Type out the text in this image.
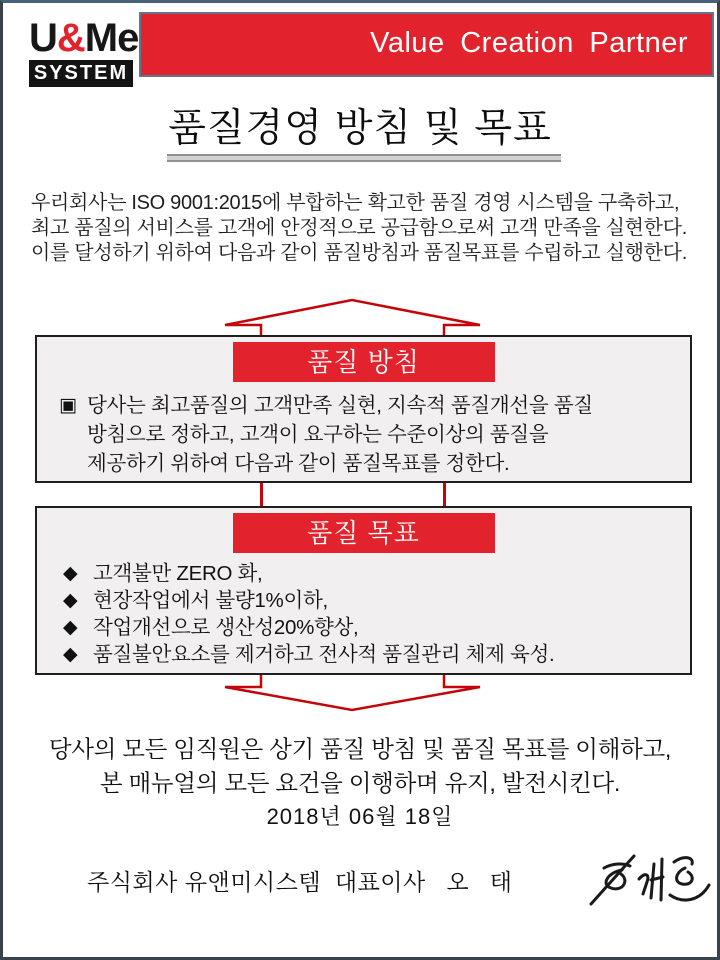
U&Me
SYSTEM
Value Creation Partner
품질경영 방침 및 목표
우리회사는 ISO 9001:2015에 부합하는 확고한 품질 경영 시스템을 구축하고,
최고 품질의 서비스를 고객에 안정적으로 공급함으로써 고객 만족을 실현한다.
이를 달성하기 위하여 다음과 같이 품질방침과 품질목표를 수립하고 실행한다.
품질 방침
▣ 당사는 최고품질의 고객만족 실현, 지속적 품질개선을 품질
방침으로 정하고, 고객이 요구하는 수준이상의 품질을
제공하기 위하여 다음과 같이 품질목표를 정한다.
품질 목표
◆ 고객불만 ZERO 화,
◆ 현장작업에서 불량1%이하,
◆ 작업개선으로 생산성20%향상,
◆ 품질불안요소를 제거하고 전사적 품질관리 체제 육성.
당사의 모든 임직원은 상기 품질 방침 및 품질 목표를 이해하고,
본 매뉴얼의 모든 요건을 이행하며 유지, 발전시킨다.
2018년 06월 18일
주식회사 유앤미시스템  대표이사   오   태
